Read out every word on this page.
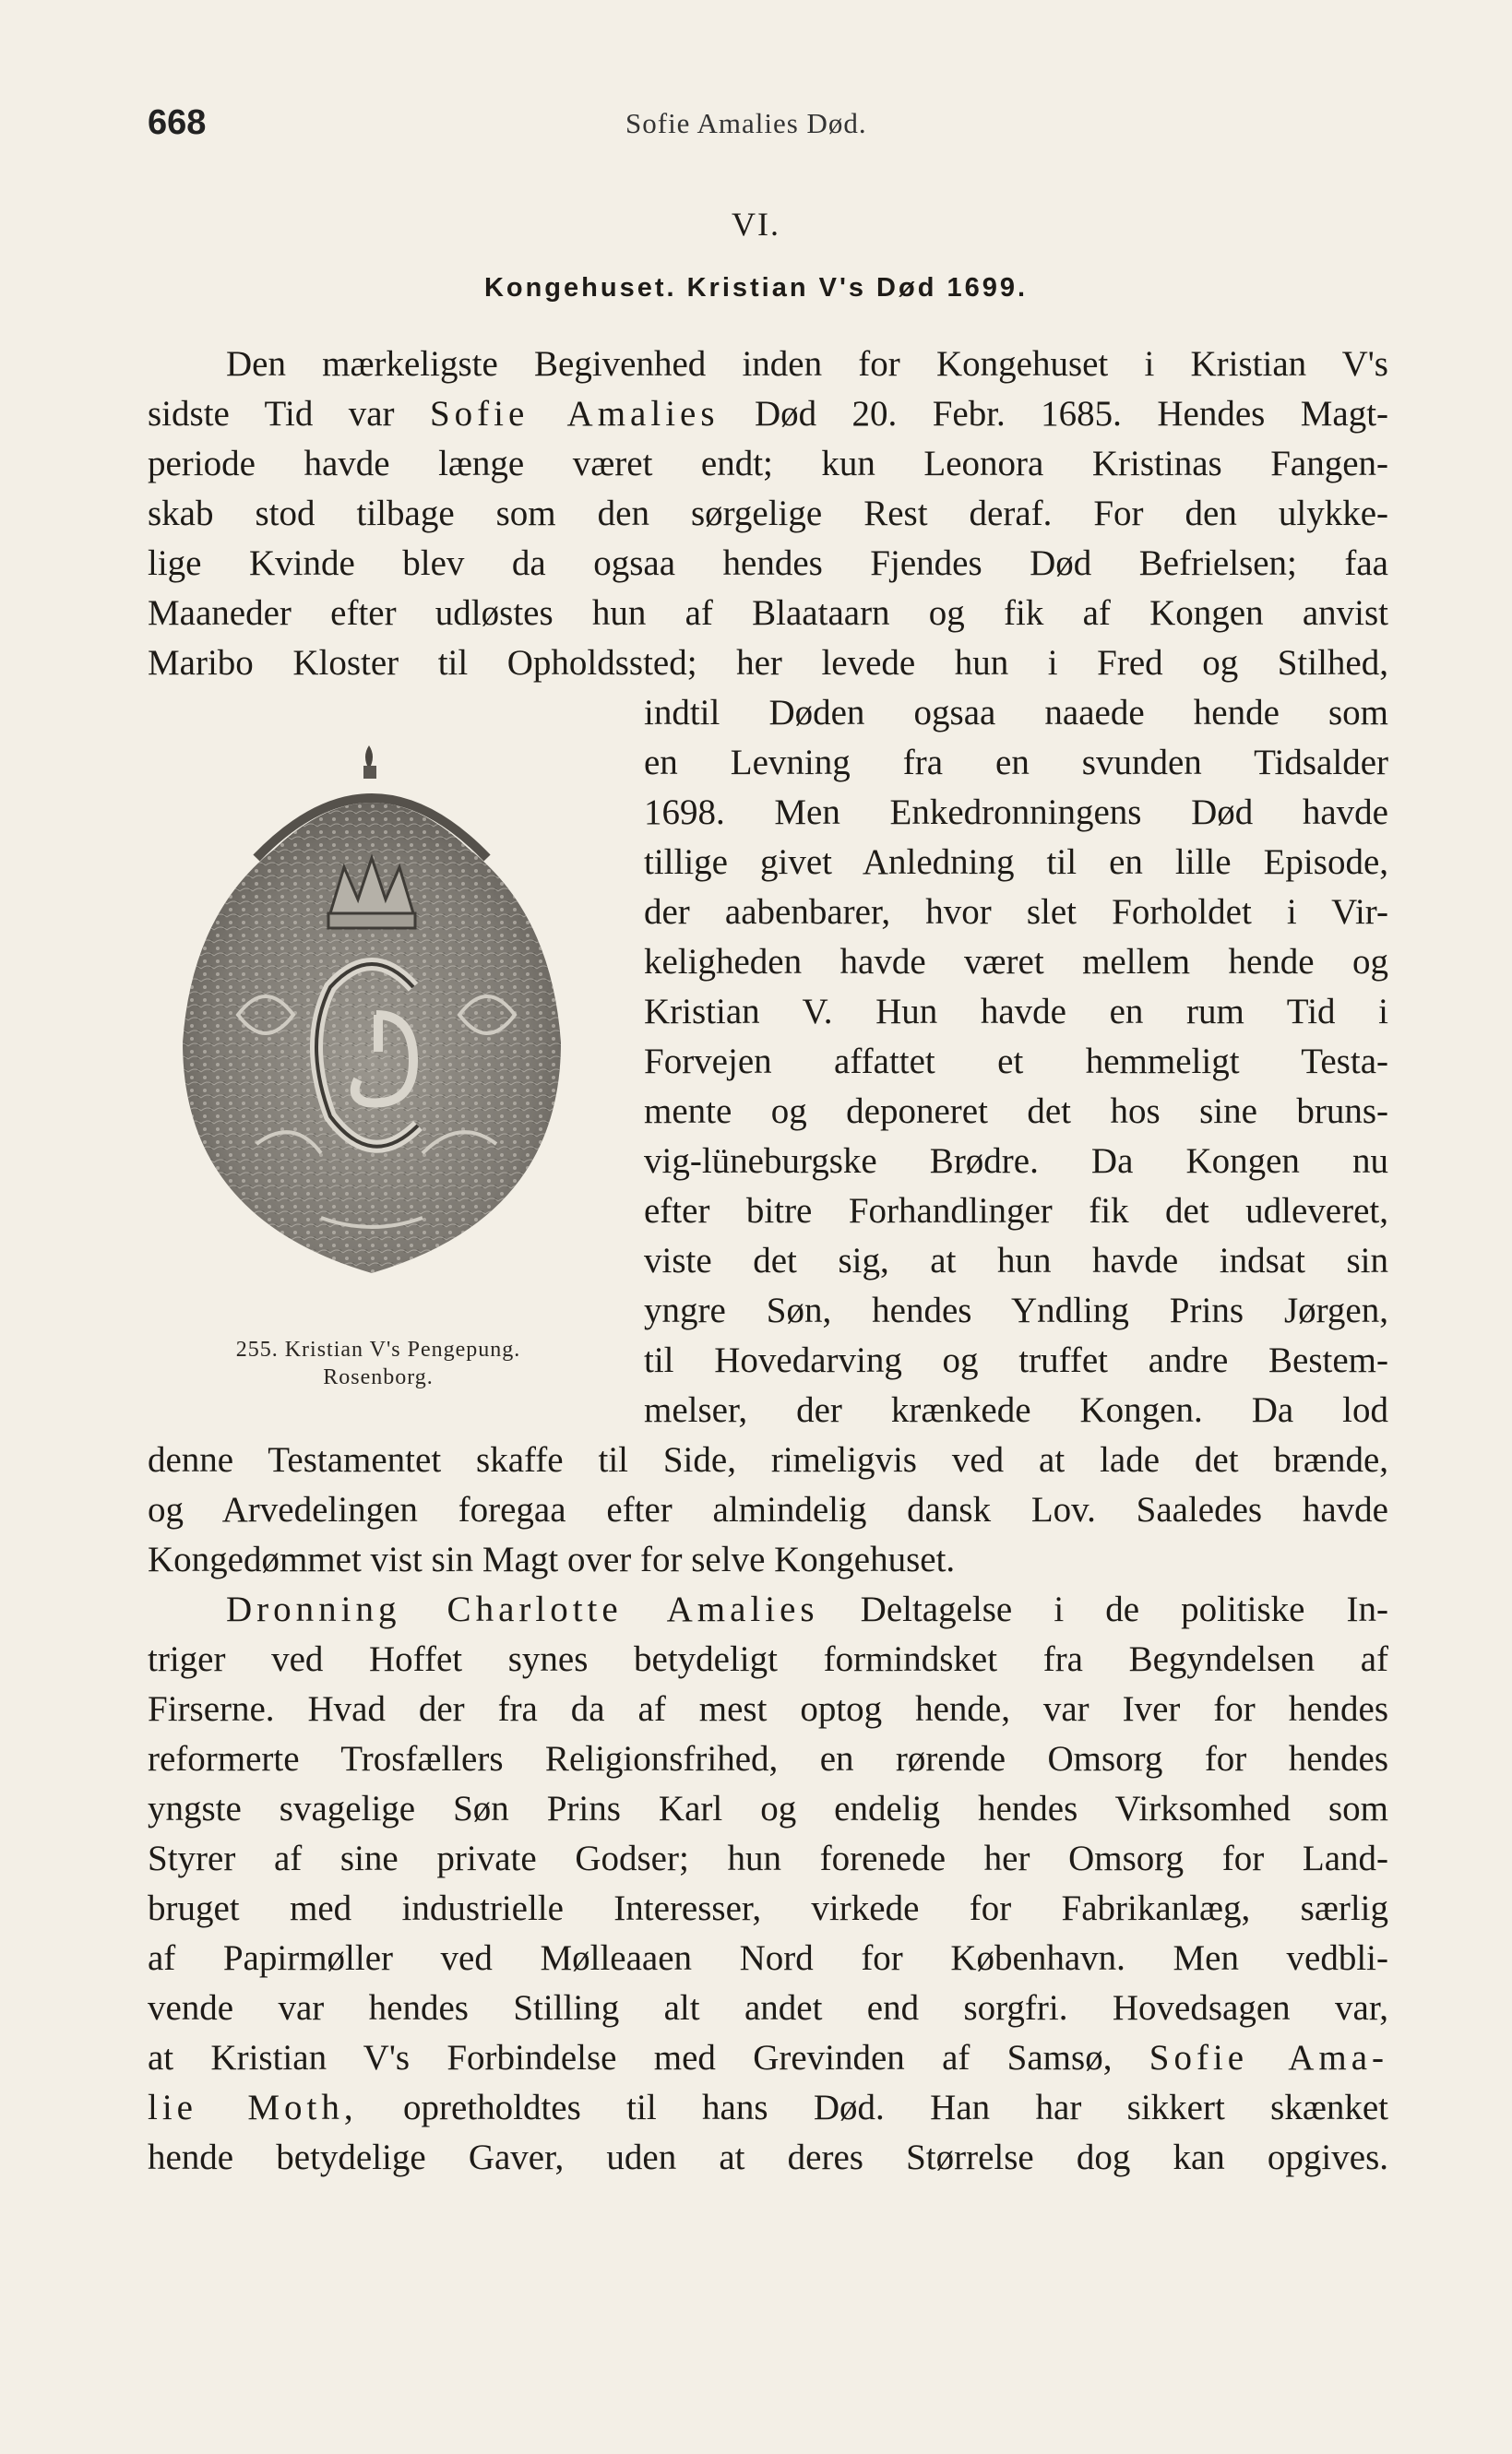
668	Sofie Amalies Død.
VI.
Kongehuset. Kristian V's Død 1699.
Den mærkeligste Begivenhed inden for Kongehuset i Kristian V's
sidste Tid var Sofie Amalies Død 20. Febr. 1685. Hendes Magt-
periode havde længe været endt; kun Leonora Kristinas Fangen-
skab stod tilbage som den sørgelige Rest deraf. For den ulykke-
lige Kvinde blev da ogsaa hendes Fjendes Død Befrielsen; faa
Maaneder efter udløstes hun af Blaataarn og fik af Kongen anvist
Maribo Kloster til Opholdssted; her levede hun i Fred og Stilhed,
indtil Døden ogsaa naaede hende som
en Levning fra en svunden Tidsalder
1698. Men Enkedronningens Død havde
tillige givet Anledning til en lille Episode,
der aabenbarer, hvor slet Forholdet i Vir-
keligheden havde været mellem hende og
Kristian V. Hun havde en rum Tid i
Forvejen affattet et hemmeligt Testa-
mente og deponeret det hos sine bruns-
vig-lüneburgske Brødre. Da Kongen nu
efter bitre Forhandlinger fik det udleveret,
viste det sig, at hun havde indsat sin
yngre Søn, hendes Yndling Prins Jørgen,
til Hovedarving og truffet andre Bestem-
melser, der krænkede Kongen. Da lod
denne Testamentet skaffe til Side, rimeligvis ved at lade det brænde,
og Arvedelingen foregaa efter almindelig dansk Lov. Saaledes havde
Kongedømmet vist sin Magt over for selve Kongehuset.
Dronning Charlotte Amalies Deltagelse i de politiske In-
triger ved Hoffet synes betydeligt formindsket fra Begyndelsen af
Firserne. Hvad der fra da af mest optog hende, var Iver for hendes
reformerte Trosfællers Religionsfrihed, en rørende Omsorg for hendes
yngste svagelige Søn Prins Karl og endelig hendes Virksomhed som
Styrer af sine private Godser; hun forenede her Omsorg for Land-
bruget med industrielle Interesser, virkede for Fabrikanlæg, særlig
af Papirmøller ved Mølleaaen Nord for København. Men vedbli-
vende var hendes Stilling alt andet end sorgfri. Hovedsagen var,
at Kristian V's Forbindelse med Grevinden af Samsø, Sofie Ama-
lie Moth, opretholdtes til hans Død. Han har sikkert skænket
hende betydelige Gaver, uden at deres Størrelse dog kan opgives.
255. Kristian V's Pengepung.
Rosenborg.
